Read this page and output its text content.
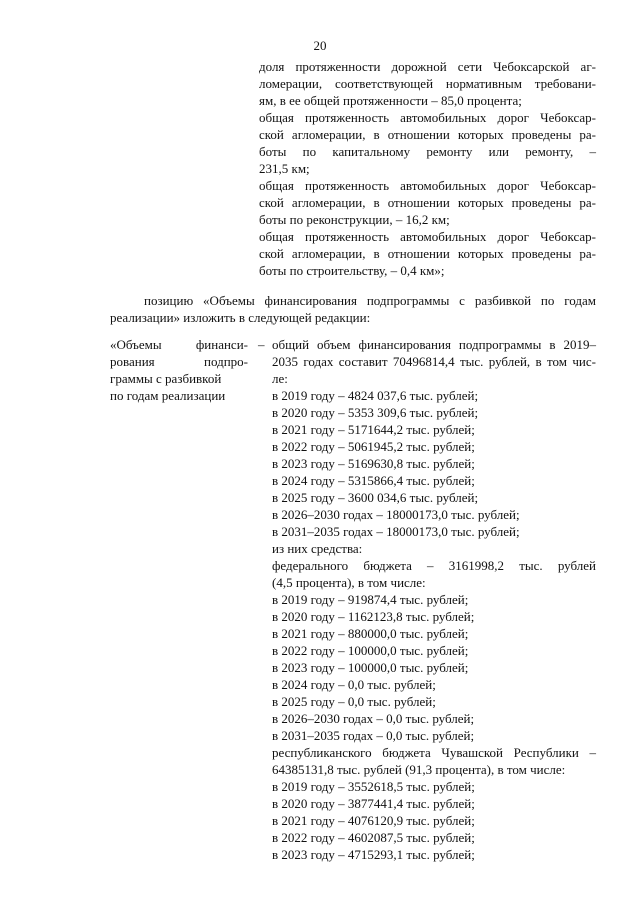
20
доля протяженности дорожной сети Чебоксарской аг-
ломерации, соответствующей нормативным требовани-
ям, в ее общей протяженности – 85,0 процента;
общая протяженность автомобильных дорог Чебоксар-
ской агломерации, в отношении которых проведены ра-
боты по капитальному ремонту или ремонту, –
231,5 км;
общая протяженность автомобильных дорог Чебоксар-
ской агломерации, в отношении которых проведены ра-
боты по реконструкции, – 16,2 км;
общая протяженность автомобильных дорог Чебоксар-
ской агломерации, в отношении которых проведены ра-
боты по строительству, – 0,4 км»;
позицию «Объемы финансирования подпрограммы с разбивкой по годам
реализации» изложить в следующей редакции:
«Объемы финанси-
рования подпро-
граммы с разбивкой
по годам реализации
– общий объем финансирования подпрограммы в 2019–
2035 годах составит 70496814,4 тыс. рублей, в том чис-
ле:
в 2019 году – 4824 037,6 тыс. рублей;
в 2020 году – 5353 309,6 тыс. рублей;
в 2021 году – 5171644,2 тыс. рублей;
в 2022 году – 5061945,2 тыс. рублей;
в 2023 году – 5169630,8 тыс. рублей;
в 2024 году – 5315866,4 тыс. рублей;
в 2025 году – 3600 034,6 тыс. рублей;
в 2026–2030 годах – 18000173,0 тыс. рублей;
в 2031–2035 годах – 18000173,0 тыс. рублей;
из них средства:
федерального бюджета – 3161998,2 тыс. рублей
(4,5 процента), в том числе:
в 2019 году – 919874,4 тыс. рублей;
в 2020 году – 1162123,8 тыс. рублей;
в 2021 году – 880000,0 тыс. рублей;
в 2022 году – 100000,0 тыс. рублей;
в 2023 году – 100000,0 тыс. рублей;
в 2024 году – 0,0 тыс. рублей;
в 2025 году – 0,0 тыс. рублей;
в 2026–2030 годах – 0,0 тыс. рублей;
в 2031–2035 годах – 0,0 тыс. рублей;
республиканского бюджета Чувашской Республики –
64385131,8 тыс. рублей (91,3 процента), в том числе:
в 2019 году – 3552618,5 тыс. рублей;
в 2020 году – 3877441,4 тыс. рублей;
в 2021 году – 4076120,9 тыс. рублей;
в 2022 году – 4602087,5 тыс. рублей;
в 2023 году – 4715293,1 тыс. рублей;
